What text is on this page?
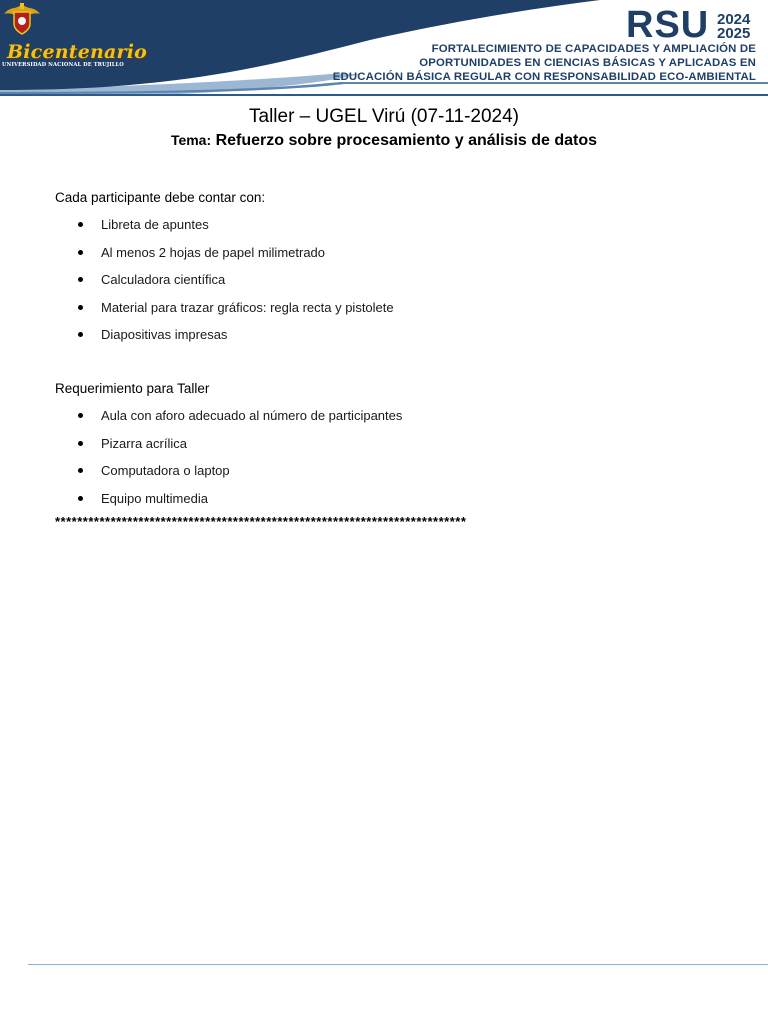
Bicentenario
UNIVERSIDAD NACIONAL DE TRUJILLO
RSU 2024
2025
FORTALECIMIENTO DE CAPACIDADES Y AMPLIACIÓN DE
OPORTUNIDADES EN CIENCIAS BÁSICAS Y APLICADAS EN
EDUCACIÓN BÁSICA REGULAR CON RESPONSABILIDAD ECO-AMBIENTAL
Taller – UGEL Virú (07-11-2024)
Tema: Refuerzo sobre procesamiento y análisis de datos
Cada participante debe contar con:
Libreta de apuntes
Al menos 2 hojas de papel milimetrado
Calculadora científica
Material para trazar gráficos: regla recta y pistolete
Diapositivas impresas
Requerimiento para Taller
Aula con aforo adecuado al número de participantes
Pizarra acrílica
Computadora o laptop
Equipo multimedia
**************************************************************************
